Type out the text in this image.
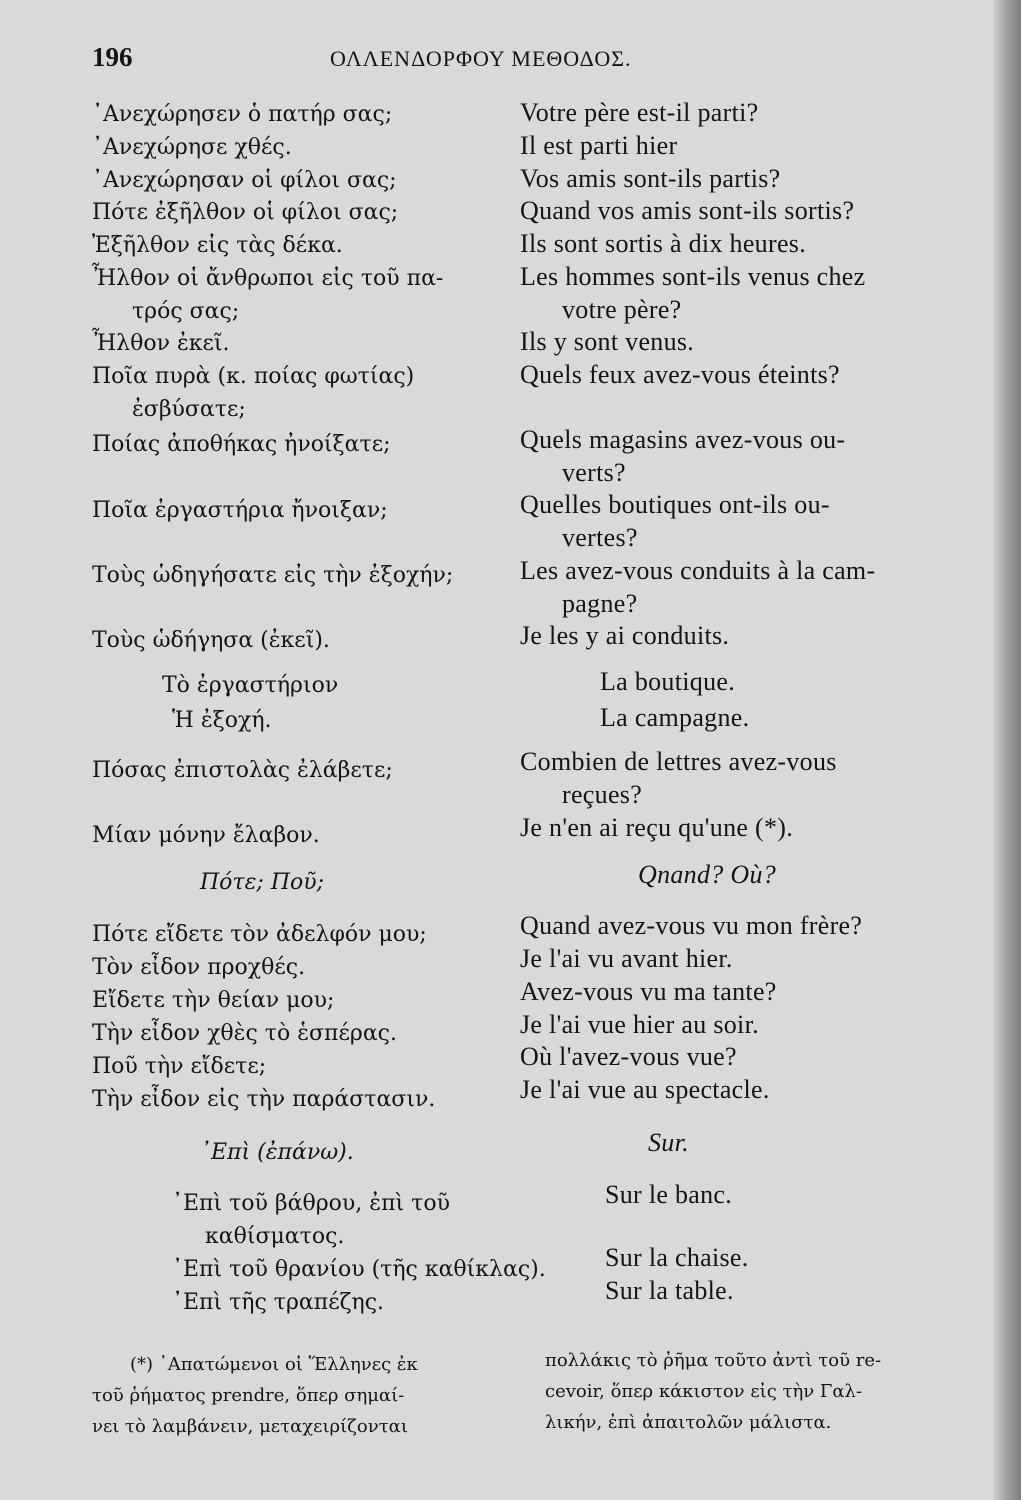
196	ΟΛΛΕΝΔΟΡΦΟΥ ΜΕΘΟΔΟΣ.
᾿Ανεχώρησεν ὁ πατήρ σας;
᾿Ανεχώρησε χθές.
᾿Ανεχώρησαν οἱ φίλοι σας;
Πότε ἐξῆλθον οἱ φίλοι σας;
Ἐξῆλθον εἰς τὰς δέκα.
Ἦλθον οἱ ἄνθρωποι εἰς τοῦ πα-
τρός σας;
Ἦλθον ἐκεῖ.
Ποῖα πυρὰ (κ. ποίας φωτίας)
ἐσβύσατε;
Ποίας ἀποθήκας ἠνοίξατε;
Ποῖα ἐργαστήρια ἤνοιξαν;
Τοὺς ὡδηγήσατε εἰς τὴν ἐξοχήν;
Τοὺς ὡδήγησα (ἐκεῖ).
Τὸ ἐργαστήριον
Ἡ ἐξοχή.
Πόσας ἐπιστολὰς ἐλάβετε;
Μίαν μόνην ἔλαβον.
Πότε; Ποῦ;
Πότε εἴδετε τὸν ἀδελφόν μου;
Τὸν εἶδον προχθές.
Εἴδετε τὴν θείαν μου;
Τὴν εἶδον χθὲς τὸ ἑσπέρας.
Ποῦ τὴν εἴδετε;
Τὴν εἶδον εἰς τὴν παράστασιν.
᾿Επὶ (ἐπάνω).
᾿Επὶ τοῦ βάθρου, ἐπὶ τοῦ
καθίσματος.
᾿Επὶ τοῦ θρανίου (τῆς καθίκλας).
᾿Επὶ τῆς τραπέζης.
Votre père est-il parti?
Il est parti hier
Vos amis sont-ils partis?
Quand vos amis sont-ils sortis?
Ils sont sortis à dix heures.
Les hommes sont-ils venus chez
votre père?
Ils y sont venus.
Quels feux avez-vous éteints?
Quels magasins avez-vous ou-
verts?
Quelles boutiques ont-ils ou-
vertes?
Les avez-vous conduits à la cam-
pagne?
Je les y ai conduits.
La boutique.
La campagne.
Combien de lettres avez-vous
reçues?
Je n'en ai reçu qu'une (*).
Qnand? Où?
Quand avez-vous vu mon frère?
Je l'ai vu avant hier.
Avez-vous vu ma tante?
Je l'ai vue hier au soir.
Où l'avez-vous vue?
Je l'ai vue au spectacle.
Sur.
Sur le banc.
Sur la chaise.
Sur la table.
(*) ᾿Απατώμενοι οἱ Ἕλληνες ἐκ
τοῦ ῥήματος prendre, ὅπερ σημαί-
νει τὸ λαμβάνειν, μεταχειρίζονται
πολλάκις τὸ ῥῆμα τοῦτο ἀντὶ τοῦ re-
cevoir, ὅπερ κάκιστον εἰς τὴν Γαλ-
λικήν, ἐπὶ ἀπαιτολῶν μάλιστα.
